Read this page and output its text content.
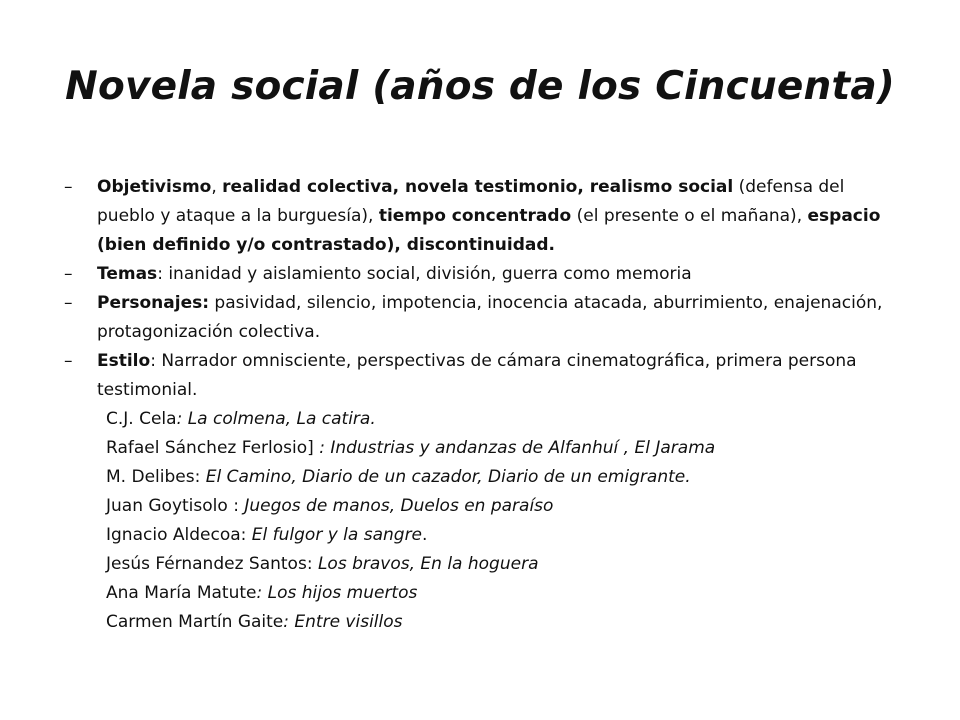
Novela social (años de los Cincuenta)
– Objetivismo, realidad colectiva, novela testimonio, realismo social (defensa del pueblo y ataque a la burguesía), tiempo concentrado (el presente o el mañana), espacio (bien definido y/o contrastado), discontinuidad.
– Temas: inanidad y aislamiento social, división, guerra como memoria
– Personajes: pasividad, silencio, impotencia, inocencia atacada, aburrimiento, enajenación, protagonización colectiva.
– Estilo: Narrador omnisciente, perspectivas de cámara cinematográfica, primera persona testimonial.
C.J. Cela: La colmena, La catira.
Rafael Sánchez Ferlosio] : Industrias y andanzas de Alfanhuí , El Jarama
M. Delibes: El Camino, Diario de un cazador, Diario de un emigrante.
Juan Goytisolo : Juegos de manos, Duelos en paraíso
Ignacio Aldecoa: El fulgor y la sangre.
Jesús Férnandez Santos: Los bravos, En la hoguera
Ana María Matute: Los hijos muertos
Carmen Martín Gaite: Entre visillos
